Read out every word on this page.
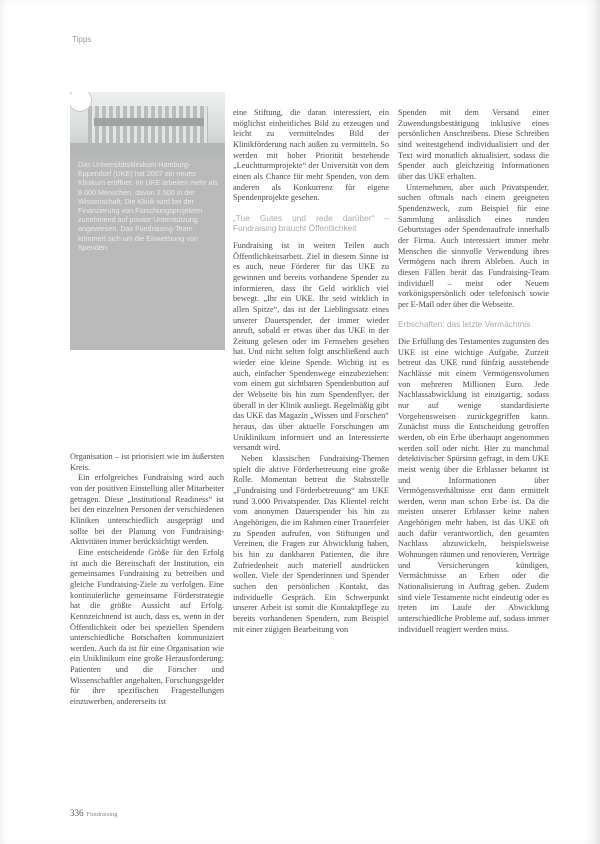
Tipps
Das Universitätsklinikum Hamburg-Eppendorf (UKE) hat 2007 ein neues Klinikum eröffnet. Im UKE arbeiten mehr als 8.000 Menschen, davon 2.500 in der Wissenschaft. Die Klinik wird bei der Finanzierung von Forschungsprojekten zunehmend auf private Unterstützung angewiesen. Das Fundraising-Team kümmert sich um die Einwerbung von Spenden.

Organisation – ist priorisiert wie im äußersten Kreis.

Ein erfolgreiches Fundraising wird auch von der positiven Einstellung aller Mitarbeiter getragen. Diese „Institutional Readiness“ ist bei den einzelnen Personen der verschiedenen Kliniken unterschiedlich ausgeprägt und sollte bei der Planung von Fundraising-Aktivitäten immer berücksichtigt werden.

Eine entscheidende Größe für den Erfolg ist auch die Bereitschaft der Institution, ein gemeinsames Fundraising zu betreiben und gleiche Fundraising-Ziele zu verfolgen. Eine kontinuierliche gemeinsame Förderstrategie hat die größte Aussicht auf Erfolg. Kennzeichnend ist auch, dass es, wenn in der Öffentlichkeit oder bei speziellen Spendern unterschiedliche Botschaften kommuniziert werden. Auch da ist für eine Organisation wie ein Uniklinikum eine große Herausforderung: Patienten und die Forscher und Wissenschaftler angehalten, Forschungsgelder für ihre spezifischen Fragestellungen einzuwerben, andererseits ist

eine Stiftung, die daran interessiert, ein möglichst einheitliches Bild zu erzeugen und leicht zu vermittelndes Bild der Klinikförderung nach außen zu vermitteln. So werden mit hoher Priorität bestehende „Leuchtturmprojekte“ der Universität von dem einen als Chance für mehr Spenden, von dem anderen als Konkurrenz für eigene Spendenprojekte gesehen.

„Tue Gutes und rede darüber“ – Fundraising braucht Öffentlichkeit

Fundraising ist in weiten Teilen auch Öffentlichkeitsarbeit. Ziel in diesem Sinne ist es auch, neue Förderer für das UKE zu gewinnen und bereits vorhandene Spender zu informieren, dass ihr Geld wirklich viel bewegt. „Ihr ein UKE. Ihr seid wirklich in allen Spitze“, das ist der Lieblingssatz eines unserer Dauerspender, der immer wieder anruft, sobald er etwas über das UKE in der Zeitung gelesen oder im Fernsehen gesehen hat. Und nicht selten folgt anschließend auch wieder eine kleine Spende. Wichtig ist es auch, einfacher Spendenwege einzubeziehen: vom einem gut sichtbaren Spendenbutton auf der Webseite bis hin zum Spendenflyer, der überall in der Klinik ausliegt. Regelmäßig gibt das UKE das Magazin „Wissen und Forschen“ heraus, das über aktuelle Forschungen am Uniklinikum informiert und an Interessierte versandt wird.

Neben klassischen Fundraising-Themen spielt die aktive Förderbetreuung eine große Rolle. Momentan betreut die Stabsstelle „Fundraising und Förderbetreuung“ am UKE rund 3.000 Privatspender. Das Klientel reicht vom anonymen Dauerspender bis hin zu Angehörigen, die im Rahmen einer Trauerfeier zu Spenden aufrufen, von Stiftungen und Vereinen, die Fragen zur Abwicklung haben, bis hin zu dankbaren Patienten, die ihre Zufriedenheit auch materiell ausdrücken wollen. Viele der Spenderinnen und Spender suchen den persönlichen Kontakt, das individuelle Gespräch. Ein Schwerpunkt unserer Arbeit ist somit die Kontaktpflege zu bereits vorhandenen Spendern, zum Beispiel mit einer zügigen Bearbeitung von

Spenden mit dem Versand einer Zuwendungsbestätigung inklusive eines persönlichen Anschreibens. Diese Schreiben sind weitestgehend individualisiert und der Text wird monatlich aktualisiert, sodass die Spender auch gleichzeitig Informationen über das UKE erhalten.

Unternehmen, aber auch Privatspender, suchen oftmals nach einem geeigneten Spendenzweck, zum Beispiel für eine Sammlung anlässlich eines runden Geburtstages oder Spendenaufrufe innerhalb der Firma. Auch interessiert immer mehr Menschen die sinnvolle Verwendung ihres Vermögens nach ihrem Ableben. Auch in diesen Fällen berät das Fundraising-Team individuell – meist oder Neuem vorkönigspersönlich oder telefonisch sowie per E-Mail oder über die Webseite.

Erbschaften: das letzte Vermächtnis

Die Erfüllung des Testamentes zugunsten des UKE ist eine wichtige Aufgabe. Zurzeit betreut das UKE rund fünfzig ausstehende Nachlässe mit einem Vermögensvolumen von mehreren Millionen Euro. Jede Nachlassabwicklung ist einzigartig, sodass nur auf wenige standardisierte Vorgehensweisen zurückgegriffen kann. Zunächst muss die Entscheidung getroffen werden, ob ein Erbe überhaupt angenommen werden soll oder nicht. Hier zu manchmal detektivischer Spürsinn gefragt, in dem UKE meist wenig über die Erblasser bekannt ist und Informationen über Vermögensverhältnisse erst dann ermittelt werden, wenn man schon Erbe ist. Da die meisten unserer Erblasser keine nahen Angehörigen mehr haben, ist das UKE oft auch dafür verantwortlich, den gesamten Nachlass abzuwickeln, beispielsweise Wohnungen räumen und renovieren, Verträge und Versicherungen kündigen, Vermächtnisse an Erben oder die Nationalisierung in Auftrag geben. Zudem sind viele Testamente nicht eindeutig oder es treten im Laufe der Abwicklung unterschiedliche Probleme auf, sodass immer individuell reagiert werden muss.

336 Fundraising
